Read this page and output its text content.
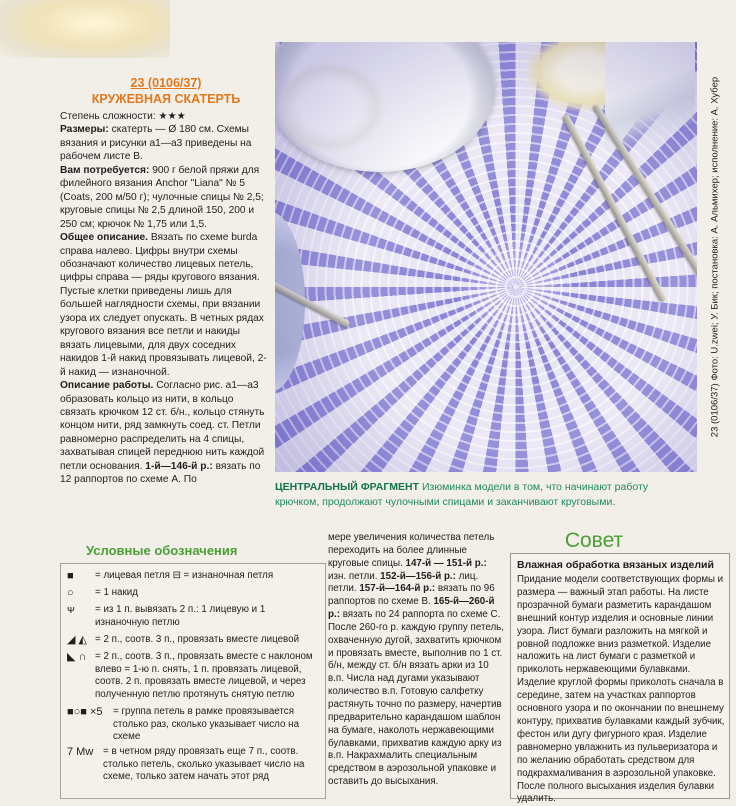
23 (0106/37) Фото: U.zwei; У. Бик; постановка: А. Альмихер; исполнение: А. Хубер
ЦЕНТРАЛЬНЫЙ ФРАГМЕНТ Изюминка модели в том, что начинают работу крючком, продолжают чулочными спицами и заканчивают круговыми.
23 (0106/37)
КРУЖЕВНАЯ СКАТЕРТЬ

Степень сложности: ★★★

Размеры: скатерть — Ø 180 см. Схемы вязания и рисунки а1—а3 приведены на рабочем листе В.

Вам потребуется: 900 г белой пряжи для филейного вязания Anchor "Liana" № 5 (Coats, 200 м/50 г); чулочные спицы № 2,5; круговые спицы № 2,5 длиной 150, 200 и 250 см; крючок № 1,75 или 1,5.

Общее описание. Вязать по схеме burda справа налево. Цифры внутри схемы обозначают количество лицевых петель, цифры справа — ряды кругового вязания. Пустые клетки приведены лишь для большей наглядности схемы, при вязании узора их следует опускать. В четных рядах кругового вязания все петли и накиды вязать лицевыми, для двух соседних накидов 1-й накид провязывать лицевой, 2-й накид — изнаночной.

Описание работы. Согласно рис. а1—а3 образовать кольцо из нити, в кольцо связать крючком 12 ст. б/н., кольцо стянуть концом нити, ряд замкнуть соед. ст. Петли равномерно распределить на 4 спицы, захватывая спицей переднюю нить каждой петли основания. 1-й—146-й р.: вязать по 12 раппортов по схеме А. По

Условные обозначения
■	= лицевая петля ⊟ = изнаночная петля
○	= 1 накид
ᴪ	= из 1 п. вывязать 2 п.: 1 лицевую и 1 изнаночную петлю
◢ ◭ = 2 п., соотв. 3 п., провязать вместе лицевой
◣ ∩ = 2 п., соотв. 3 п., провязать вместе с наклоном влево = 1-ю п. снять, 1 п. провязать лицевой, соотв. 2 п. провязать вместе лицевой, и через полученную петлю протянуть снятую петлю
■○■ ×5	= группа петель в рамке провязывается столько раз, сколько указывает число на схеме
7 Mw = в четном ряду провязать еще 7 п., соотв. столько петель, сколько указывает число на схеме, только затем начать этот ряд

мере увеличения количества петель переходить на более длинные круговые спицы. 147-й — 151-й р.: изн. петли. 152-й—156-й р.: лиц. петли. 157-й—164-й р.: вязать по 96 раппортов по схеме В. 165-й—260-й р.: вязать по 24 раппорта по схеме С. После 260-го р. каждую группу петель, охваченную дугой, захватить крючком и провязать вместе, выполнив по 1 ст. б/н, между ст. б/н вязать арки из 10 в.п. Числа над дугами указывают количество в.п. Готовую салфетку растянуть точно по размеру, начертив предварительно карандашом шаблон на бумаге, наколоть нержавеющими булавками, прихватив каждую арку из в.п. Накрахмалить специальным средством в аэрозольной упаковке и оставить до высыхания.

Совет
Влажная обработка вязаных изделий
Придание модели соответствующих формы и размера — важный этап работы. На листе прозрачной бумаги разметить карандашом внешний контур изделия и основные линии узора. Лист бумаги разложить на мягкой и ровной подложке вниз разметкой. Изделие наложить на лист бумаги с разметкой и приколоть нержавеющими булавками. Изделие круглой формы приколоть сначала в середине, затем на участках раппортов основного узора и по окончании по внешнему контуру, прихватив булавками каждый зубчик, фестон или дугу фигурного края. Изделие равномерно увлажнить из пульверизатора и по желанию обработать средством для подкрахмаливания в аэрозольной упаковке. После полного высыхания изделия булавки удалить.
